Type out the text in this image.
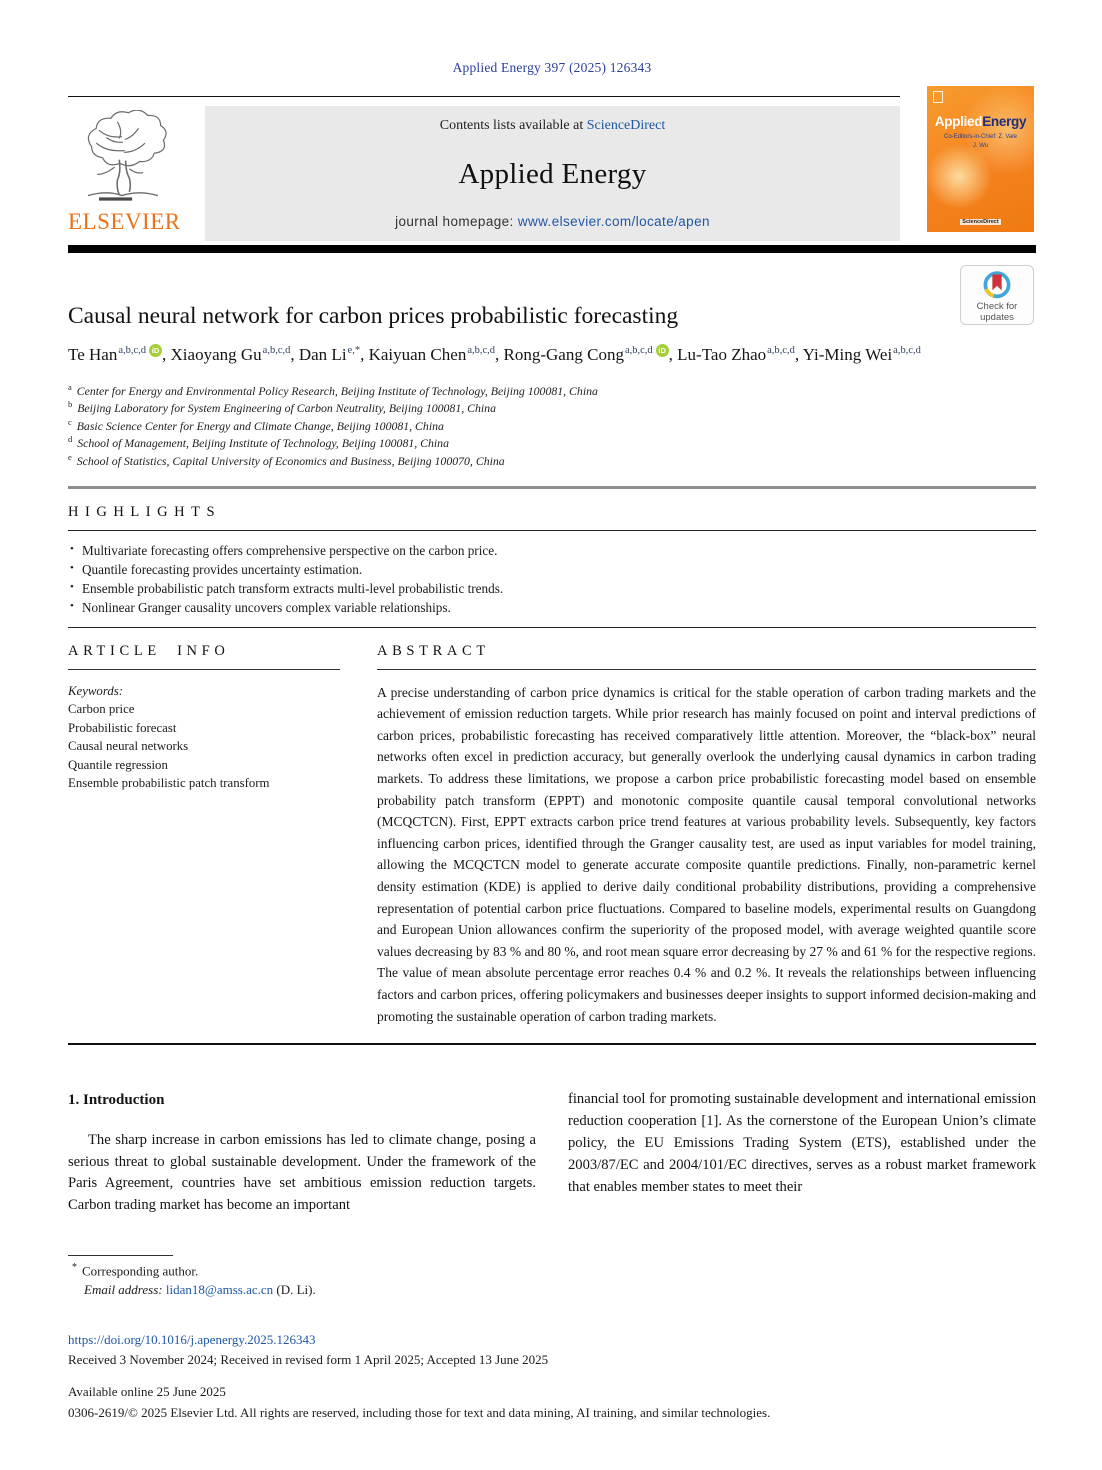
Applied Energy 397 (2025) 126343
ELSEVIER
Contents lists available at ScienceDirect
Applied Energy
journal homepage: www.elsevier.com/locate/apen
AppliedEnergy
Co-Editors-in-Chief: Z. Vale
J. Wu
ScienceDirect
Check for
updates
Causal neural network for carbon prices probabilistic forecasting
Te Han$^{a,b,c,d}$ iD , Xiaoyang Gu$^{a,b,c,d}$, Dan $Li^{e,*}$, Kaiyuan Chen$^{a,b,c,d}$, Rong-Gang Cong$^{a,b,c,d}$ iD , Lu-Tao Zhao$^{a,b,c,d}$, Yi-Ming Wei$^{a,b,c,d}$
$^a$ Center for Energy and Environmental Policy Research, Beijing Institute of Technology, Beijing 100081, China
$^b$ Beijing Laboratory for System Engineering of Carbon Neutrality, Beijing 100081, China
$^c$ Basic Science Center for Energy and Climate Change, Beijing 100081, China
$^d$ School of Management, Beijing Institute of Technology, Beijing 100081, China
$^e$ School of Statistics, Capital University of Economics and Business, Beijing 100070, China
HIGHLIGHTS
• Multivariate forecasting offers comprehensive perspective on the carbon price.
• Quantile forecasting provides uncertainty estimation.
• Ensemble probabilistic patch transform extracts multi-level probabilistic trends.
• Nonlinear Granger causality uncovers complex variable relationships.
ARTICLE INFO
Keywords:
Carbon price
Probabilistic forecast
Causal neural networks
Quantile regression
Ensemble probabilistic patch transform
ABSTRACT
A precise understanding of carbon price dynamics is critical for the stable operation of carbon trading markets and the achievement of emission reduction targets. While prior research has mainly focused on point and interval predictions of carbon prices, probabilistic forecasting has received comparatively little attention. Moreover, the “black-box” neural networks often excel in prediction accuracy, but generally overlook the underlying causal dynamics in carbon trading markets. To address these limitations, we propose a carbon price probabilistic forecasting model based on ensemble probability patch transform (EPPT) and monotonic composite quantile causal temporal convolutional networks (MCQCTCN). First, EPPT extracts carbon price trend features at various probability levels. Subsequently, key factors influencing carbon prices, identified through the Granger causality test, are used as input variables for model training, allowing the MCQCTCN model to generate accurate composite quantile predictions. Finally, non-parametric kernel density estimation (KDE) is applied to derive daily conditional probability distributions, providing a comprehensive representation of potential carbon price fluctuations. Compared to baseline models, experimental results on Guangdong and European Union allowances confirm the superiority of the proposed model, with average weighted quantile score values decreasing by 83 % and 80 %, and root mean square error decreasing by 27 % and 61 % for the respective regions. The value of mean absolute percentage error reaches 0.4 % and 0.2 %. It reveals the relationships between influencing factors and carbon prices, offering policymakers and businesses deeper insights to support informed decision-making and promoting the sustainable operation of carbon trading markets.
1. Introduction

The sharp increase in carbon emissions has led to climate change, posing a serious threat to global sustainable development. Under the framework of the Paris Agreement, countries have set ambitious emission reduction targets. Carbon trading market has become an important

financial tool for promoting sustainable development and international emission reduction cooperation [1]. As the cornerstone of the European Union’s climate policy, the EU Emissions Trading System (ETS), established under the 2003/87/EC and 2004/101/EC directives, serves as a robust market framework that enables member states to meet their

* Corresponding author.
Email address: lidan18@amss.ac.cn (D. Li).
https://doi.org/10.1016/j.apenergy.2025.126343
Received 3 November 2024; Received in revised form 1 April 2025; Accepted 13 June 2025
Available online 25 June 2025
0306-2619/© 2025 Elsevier Ltd. All rights are reserved, including those for text and data mining, AI training, and similar technologies.
